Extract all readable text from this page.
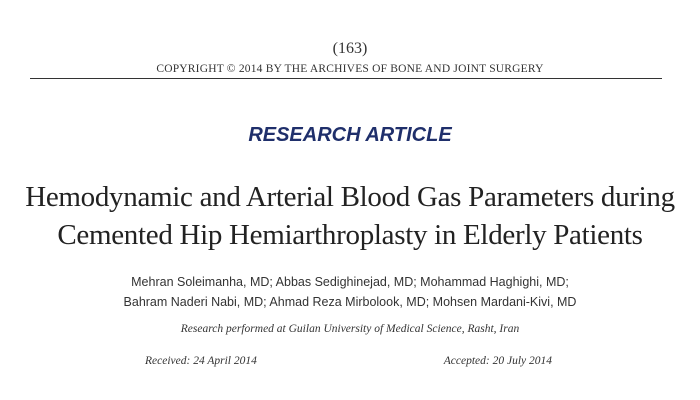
(163)
COPYRIGHT © 2014 BY THE ARCHIVES OF BONE AND JOINT SURGERY
RESEARCH ARTICLE
Hemodynamic and Arterial Blood Gas Parameters during
Cemented Hip Hemiarthroplasty in Elderly Patients
Mehran Soleimanha, MD; Abbas Sedighinejad, MD; Mohammad Haghighi, MD;
Bahram Naderi Nabi, MD; Ahmad Reza Mirbolook, MD; Mohsen Mardani-Kivi, MD
Research performed at Guilan University of Medical Science, Rasht, Iran
Received: 24 April 2014	Accepted: 20 July 2014
